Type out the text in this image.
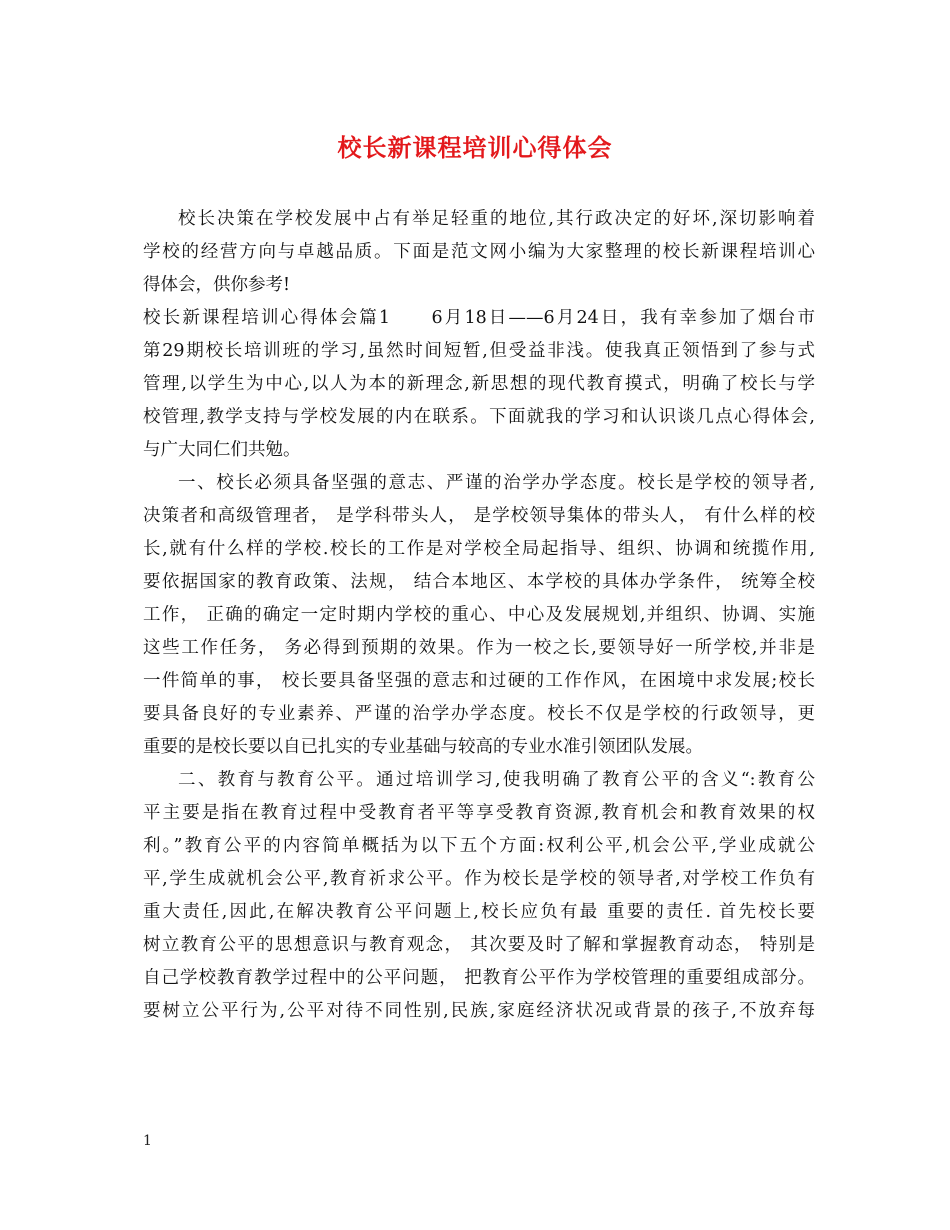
校长新课程培训心得体会
校长决策在学校发展中占有举足轻重的地位,其行政决定的好坏,深切影响着
学校的经营方向与卓越品质。下面是范文网小编为大家整理的校长新课程培训心
得体会，供你参考!
校长新课程培训心得体会篇1　　6月18日——6月24日，我有幸参加了烟台市
第29期校长培训班的学习,虽然时间短暂,但受益非浅。使我真正领悟到了参与式
管理,以学生为中心,以人为本的新理念,新思想的现代教育摸式，明确了校长与学
校管理,教学支持与学校发展的内在联系。下面就我的学习和认识谈几点心得体会,
与广大同仁们共勉。
一、校长必须具备坚强的意志、严谨的治学办学态度。校长是学校的领导者,
决策者和高级管理者， 是学科带头人， 是学校领导集体的带头人， 有什么样的校
长,就有什么样的学校.校长的工作是对学校全局起指导、组织、协调和统揽作用,
要依据国家的教育政策、法规， 结合本地区、本学校的具体办学条件， 统筹全校
工作， 正确的确定一定时期内学校的重心、中心及发展规划,并组织、协调、实施
这些工作任务， 务必得到预期的效果。作为一校之长,要领导好一所学校,并非是
一件简单的事， 校长要具备坚强的意志和过硬的工作作风，在困境中求发展;校长
要具备良好的专业素养、严谨的治学办学态度。校长不仅是学校的行政领导，更
重要的是校长要以自已扎实的专业基础与较高的专业水准引领团队发展。
二、教育与教育公平。通过培训学习,使我明确了教育公平的含义“:教育公
平主要是指在教育过程中受教育者平等享受教育资源,教育机会和教育效果的权
利。”教育公平的内容简单概括为以下五个方面:权利公平,机会公平,学业成就公
平,学生成就机会公平,教育祈求公平。作为校长是学校的领导者,对学校工作负有
重大责任,因此,在解决教育公平问题上,校长应负有最 重要的责任. 首先校长要
树立教育公平的思想意识与教育观念， 其次要及时了解和掌握教育动态， 特别是
自己学校教育教学过程中的公平问题， 把教育公平作为学校管理的重要组成部分。
要树立公平行为,公平对待不同性别,民族,家庭经济状况或背景的孩子,不放弃每
1
